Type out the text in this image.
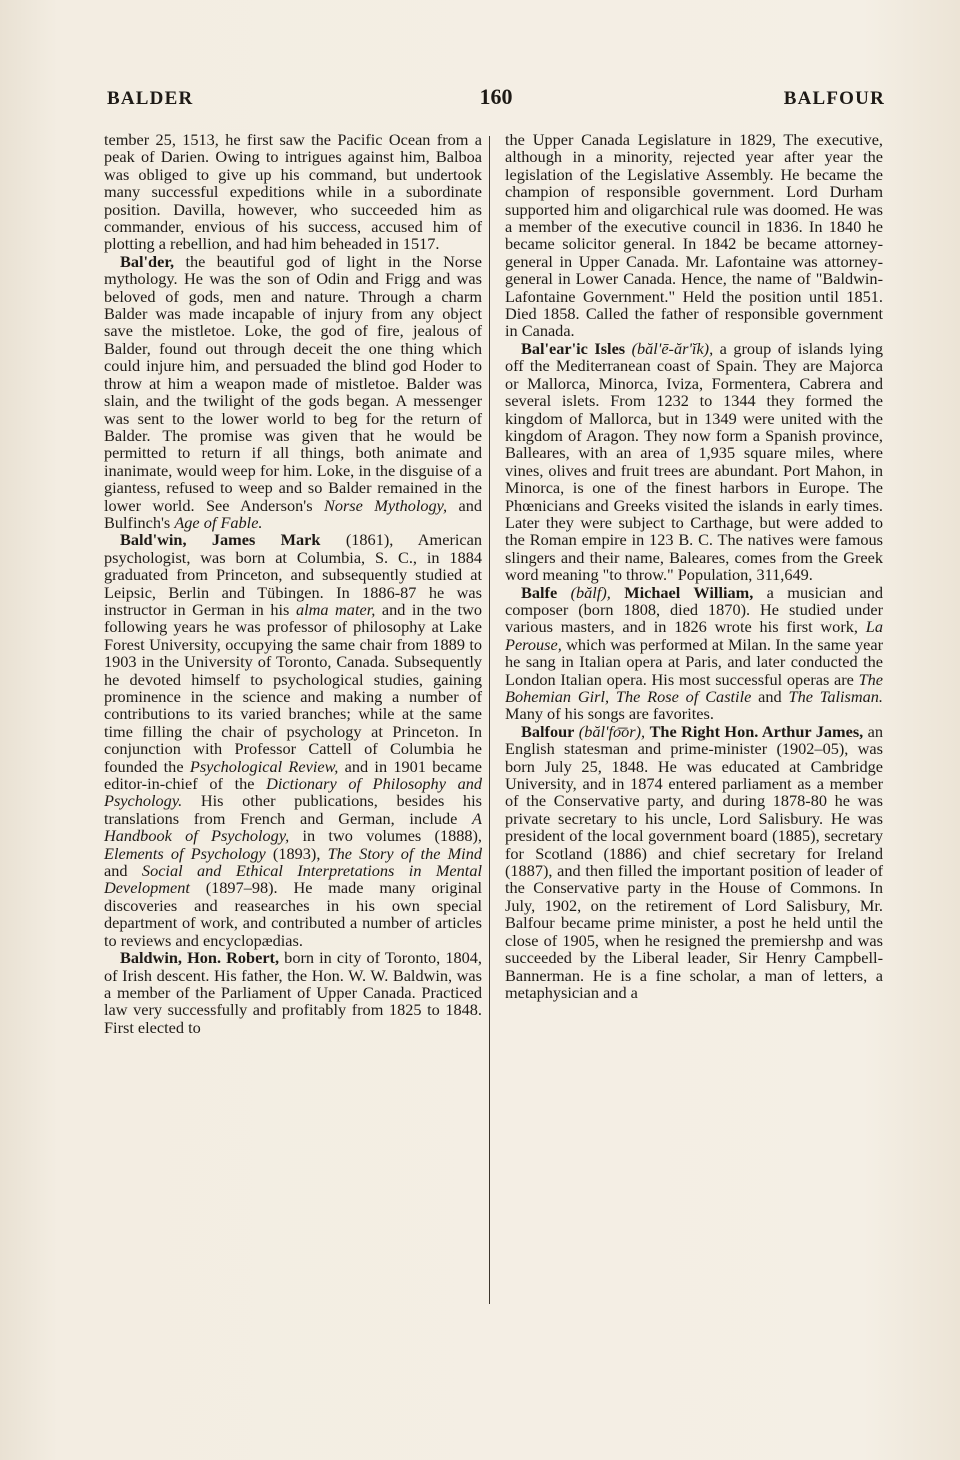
BALDER	160	BALFOUR

tember 25, 1513, he first saw the Pacific Ocean from a peak of Darien. Owing to intrigues against him, Balboa was obliged to give up his command, but undertook many successful expeditions while in a subordinate position. Davilla, however, who succeeded him as commander, envious of his success, accused him of plotting a rebellion, and had him beheaded in 1517.

Bal'der, the beautiful god of light in the Norse mythology. He was the son of Odin and Frigg and was beloved of gods, men and nature. Through a charm Balder was made incapable of injury from any object save the mistletoe. Loke, the god of fire, jealous of Balder, found out through deceit the one thing which could injure him, and persuaded the blind god Hoder to throw at him a weapon made of mistletoe. Balder was slain, and the twilight of the gods began. A messenger was sent to the lower world to beg for the return of Balder. The promise was given that he would be permitted to return if all things, both animate and inanimate, would weep for him. Loke, in the disguise of a giantess, refused to weep and so Balder remained in the lower world. See Anderson's Norse Mythology, and Bulfinch's Age of Fable.

Bald'win, James Mark (1861), American psychologist, was born at Columbia, S. C., in 1884 graduated from Princeton, and subsequently studied at Leipsic, Berlin and Tübingen. In 1886-87 he was instructor in German in his alma mater, and in the two following years he was professor of philosophy at Lake Forest University, occupying the same chair from 1889 to 1903 in the University of Toronto, Canada. Subsequently he devoted himself to psychological studies, gaining prominence in the science and making a number of contributions to its varied branches; while at the same time filling the chair of psychology at Princeton. In conjunction with Professor Cattell of Columbia he founded the Psychological Review, and in 1901 became editor-in-chief of the Dictionary of Philosophy and Psychology. His other publications, besides his translations from French and German, include A Handbook of Psychology, in two volumes (1888), Elements of Psychology (1893), The Story of the Mind and Social and Ethical Interpretations in Mental Development (1897–98). He made many original discoveries and reasearches in his own special department of work, and contributed a number of articles to reviews and encyclopædias.

Baldwin, Hon. Robert, born in city of Toronto, 1804, of Irish descent. His father, the Hon. W. W. Baldwin, was a member of the Parliament of Upper Canada. Practiced law very successfully and profitably from 1825 to 1848. First elected to

the Upper Canada Legislature in 1829, The executive, although in a minority, rejected year after year the legislation of the Legislative Assembly. He became the champion of responsible government. Lord Durham supported him and oligarchical rule was doomed. He was a member of the executive council in 1836. In 1840 he became solicitor general. In 1842 be became attorney-general in Upper Canada. Mr. Lafontaine was attorney-general in Lower Canada. Hence, the name of "Baldwin-Lafontaine Government." Held the position until 1851. Died 1858. Called the father of responsible government in Canada.

Bal'ear'ic Isles (băl'ē-ăr'ĭk), a group of islands lying off the Mediterranean coast of Spain. They are Majorca or Mallorca, Minorca, Iviza, Formentera, Cabrera and several islets. From 1232 to 1344 they formed the kingdom of Mallorca, but in 1349 were united with the kingdom of Aragon. They now form a Spanish province, Balleares, with an area of 1,935 square miles, where vines, olives and fruit trees are abundant. Port Mahon, in Minorca, is one of the finest harbors in Europe. The Phœnicians and Greeks visited the islands in early times. Later they were subject to Carthage, but were added to the Roman empire in 123 B. C. The natives were famous slingers and their name, Baleares, comes from the Greek word meaning "to throw." Population, 311,649.

Balfe (bălf), Michael William, a musician and composer (born 1808, died 1870). He studied under various masters, and in 1826 wrote his first work, La Perouse, which was performed at Milan. In the same year he sang in Italian opera at Paris, and later conducted the London Italian opera. His most successful operas are The Bohemian Girl, The Rose of Castile and The Talisman. Many of his songs are favorites.

Balfour (băl'fo͞or), The Right Hon. Arthur James, an English statesman and prime-minister (1902–05), was born July 25, 1848. He was educated at Cambridge University, and in 1874 entered parliament as a member of the Conservative party, and during 1878-80 he was private secretary to his uncle, Lord Salisbury. He was president of the local government board (1885), secretary for Scotland (1886) and chief secretary for Ireland (1887), and then filled the important position of leader of the Conservative party in the House of Commons. In July, 1902, on the retirement of Lord Salisbury, Mr. Balfour became prime minister, a post he held until the close of 1905, when he resigned the premiershp and was succeeded by the Liberal leader, Sir Henry Campbell-Bannerman. He is a fine scholar, a man of letters, a metaphysician and a
